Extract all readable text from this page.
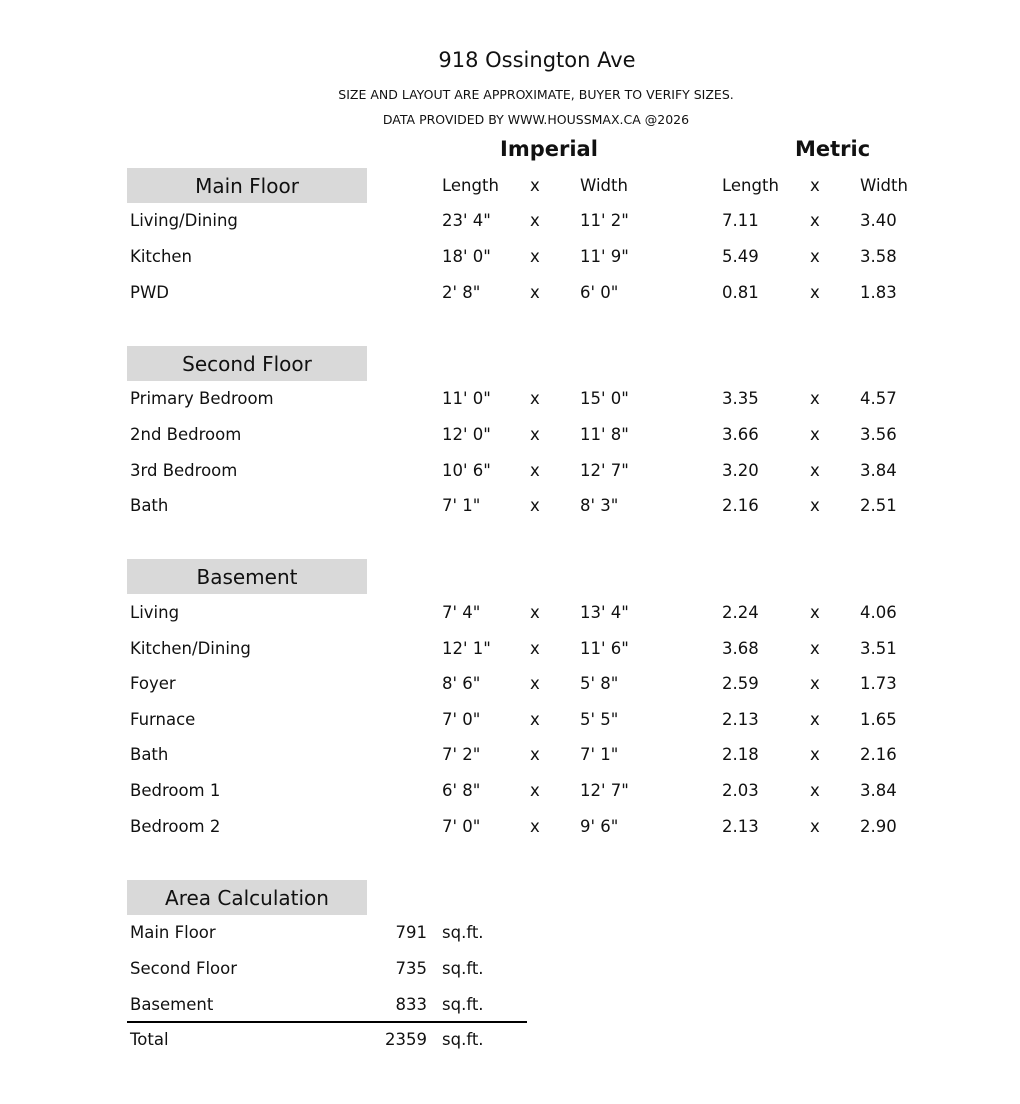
918 Ossington Ave
SIZE AND LAYOUT ARE APPROXIMATE, BUYER TO VERIFY SIZES.
DATA PROVIDED BY WWW.HOUSSMAX.CA @2026
Imperial	Metric
Main Floor	Length x Width	Length x Width
Living/Dining	23' 4" x 11' 2"	7.11	x 3.40
Kitchen	18' 0" x 11' 9"	5.49	x 3.58
PWD	2' 8"	x 6' 0"	0.81	x 1.83
Second Floor
Primary Bedroom	11' 0" x 15' 0"	3.35	x 4.57
2nd Bedroom	12' 0" x 11' 8"	3.66	x 3.56
3rd Bedroom	10' 6" x 12' 7"	3.20	x 3.84
Bath	7' 1"	x 8' 3"	2.16	x 2.51
Basement
Living	7' 4"	x 13' 4"	2.24	x 4.06
Kitchen/Dining	12' 1" x 11' 6"	3.68	x 3.51
Foyer	8' 6"	x 5' 8"	2.59	x 1.73
Furnace	7' 0"	x 5' 5"	2.13	x 1.65
Bath	7' 2"	x 7' 1"	2.18	x 2.16
Bedroom 1	6' 8"	x 12' 7"	2.03	x 3.84
Bedroom 2	7' 0"	x 9' 6"	2.13	x 2.90
Area Calculation
Main Floor	791 sq.ft.
Second Floor	735 sq.ft.
Basement	833 sq.ft.
Total	2359 sq.ft.
